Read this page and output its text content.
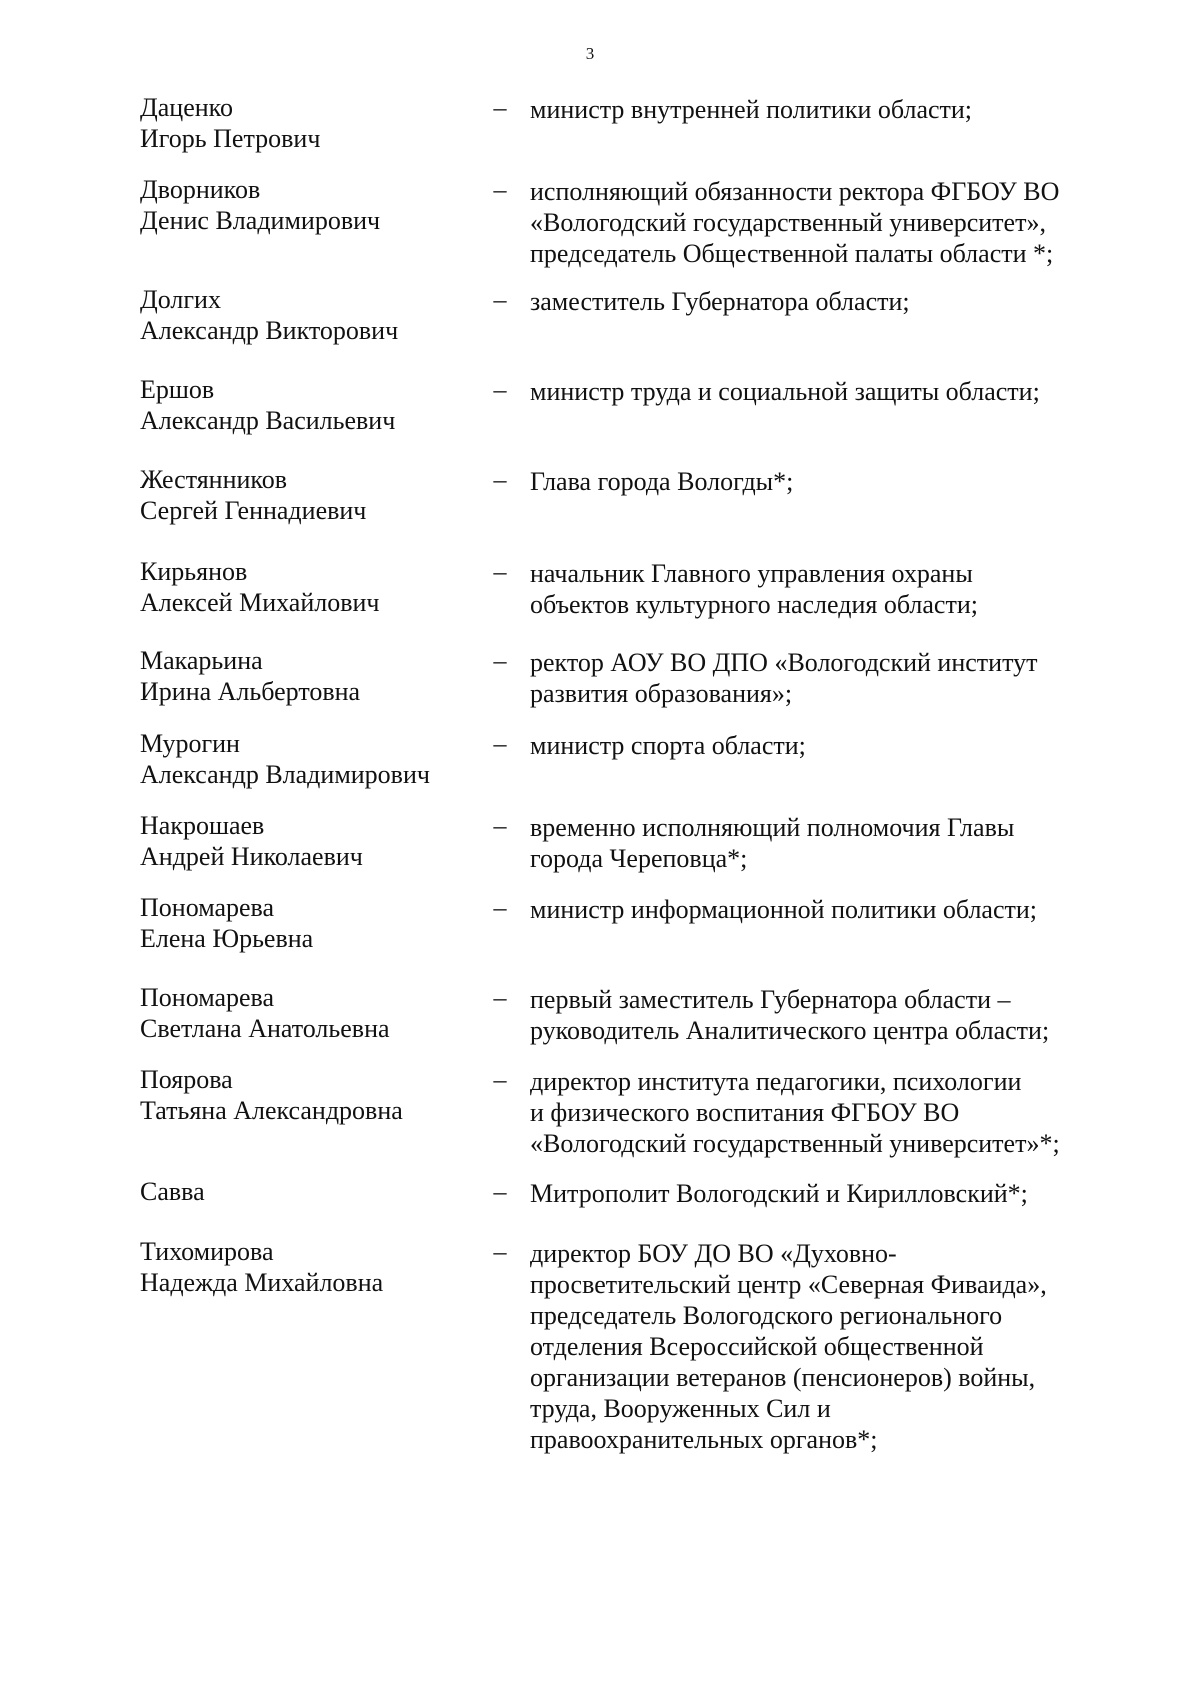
3
Даценко
Игорь Петрович
– министр внутренней политики области;
Дворников
Денис Владимирович
– исполняющий обязанности ректора ФГБОУ ВО
«Вологодский государственный университет»,
председатель Общественной палаты области *;
Долгих
Александр Викторович
– заместитель Губернатора области;
Ершов
Александр Васильевич
– министр труда и социальной защиты области;
Жестянников
Сергей Геннадиевич
– Глава города Вологды*;
Кирьянов
Алексей Михайлович
– начальник Главного управления охраны
объектов культурного наследия области;
Макарьина
Ирина Альбертовна
– ректор АОУ ВО ДПО «Вологодский институт
развития образования»;
Мурогин
Александр Владимирович
– министр спорта области;
Накрошаев
Андрей Николаевич
– временно исполняющий полномочия Главы
города Череповца*;
Пономарева
Елена Юрьевна
– министр информационной политики области;
Пономарева
Светлана Анатольевна
– первый заместитель Губернатора области –
руководитель Аналитического центра области;
Поярова
Татьяна Александровна
– директор института педагогики, психологии
и физического воспитания ФГБОУ ВО
«Вологодский государственный университет»*;
Савва	– Митрополит Вологодский и Кирилловский*;
Тихомирова
Надежда Михайловна
– директор БОУ ДО ВО «Духовно-
просветительский центр «Северная Фиваида»,
председатель Вологодского регионального
отделения Всероссийской общественной
организации ветеранов (пенсионеров) войны,
труда, Вооруженных Сил и
правоохранительных органов*;
